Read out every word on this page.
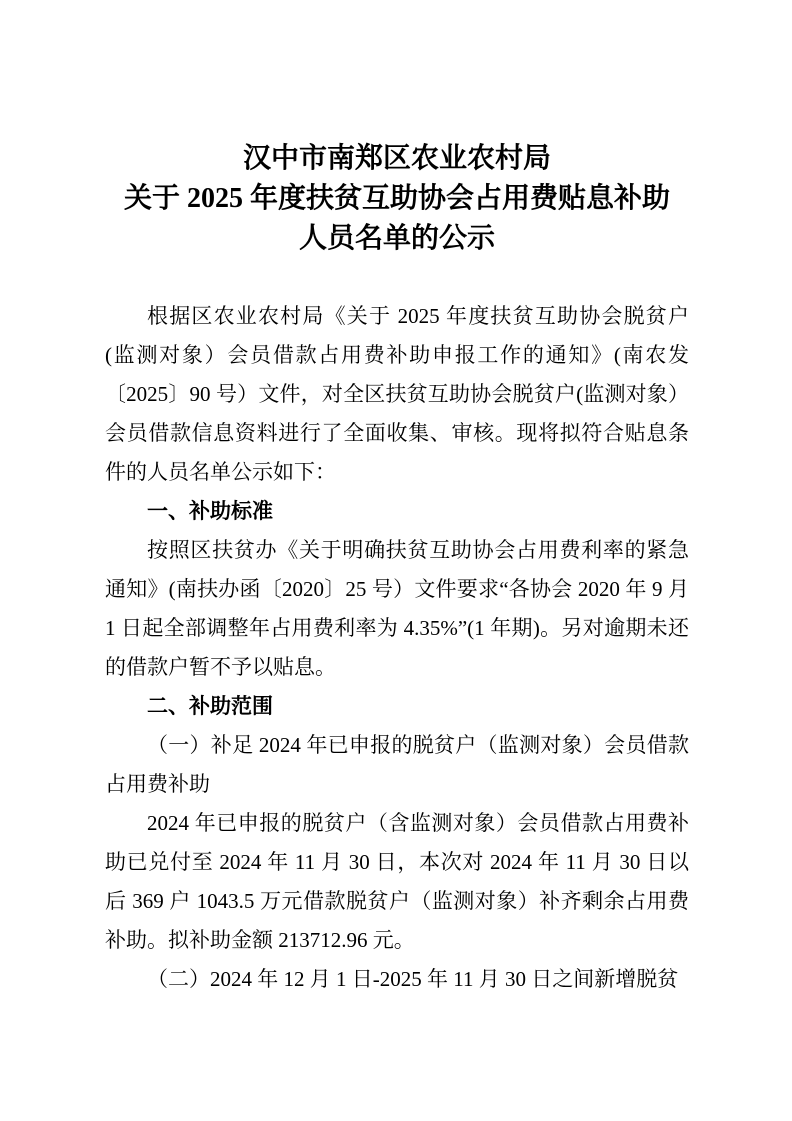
汉中市南郑区农业农村局
关于 2025 年度扶贫互助协会占用费贴息补助
人员名单的公示

根据区农业农村局《关于 2025 年度扶贫互助协会脱贫户(监测对象）会员借款占用费补助申报工作的通知》(南农发〔2025〕90 号）文件，对全区扶贫互助协会脱贫户(监测对象）会员借款信息资料进行了全面收集、审核。现将拟符合贴息条件的人员名单公示如下：

一、补助标准

按照区扶贫办《关于明确扶贫互助协会占用费利率的紧急通知》(南扶办函〔2020〕25 号）文件要求“各协会 2020 年 9 月 1 日起全部调整年占用费利率为 4.35%”(1 年期)。另对逾期未还的借款户暂不予以贴息。

二、补助范围

（一）补足 2024 年已申报的脱贫户（监测对象）会员借款占用费补助

2024 年已申报的脱贫户（含监测对象）会员借款占用费补助已兑付至 2024 年 11 月 30 日，本次对 2024 年 11 月 30 日以后 369 户 1043.5 万元借款脱贫户（监测对象）补齐剩余占用费补助。拟补助金额 213712.96 元。

（二）2024 年 12 月 1 日-2025 年 11 月 30 日之间新增脱贫
